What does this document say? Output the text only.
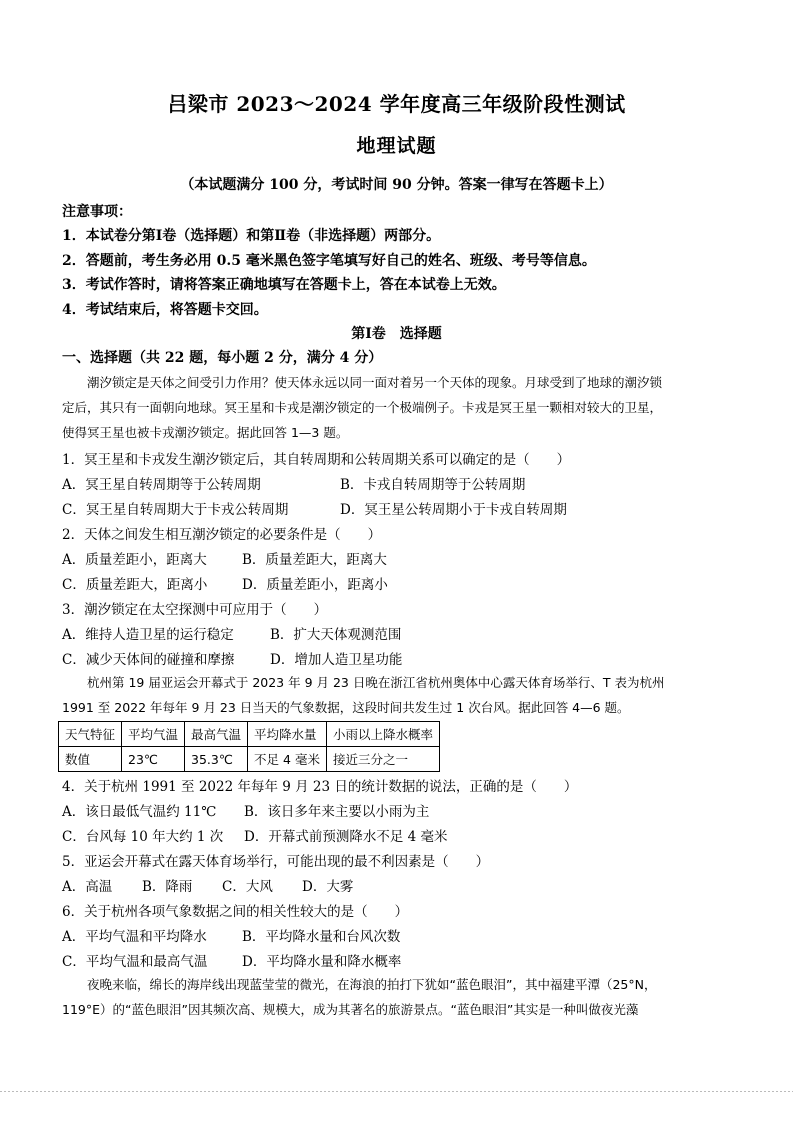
吕梁市 2023～2024 学年度高三年级阶段性测试
地理试题
（本试题满分 100 分，考试时间 90 分钟。答案一律写在答题卡上）
注意事项：
1．本试卷分第Ⅰ卷（选择题）和第Ⅱ卷（非选择题）两部分。
2．答题前，考生务必用 0.5 毫米黑色签字笔填写好自己的姓名、班级、考号等信息。
3．考试作答时，请将答案正确地填写在答题卡上，答在本试卷上无效。
4．考试结束后，将答题卡交回。
第Ⅰ卷　选择题
一、选择题（共 22 题，每小题 2 分，满分 4 分）

潮汐锁定是天体之间受引力作用？使天体永远以同一面对着另一个天体的现象。月球受到了地球的潮汐锁

定后，其只有一面朝向地球。冥王星和卡戎是潮汐锁定的一个极端例子。卡戎是冥王星一颗相对较大的卫星，

使得冥王星也被卡戎潮汐锁定。据此回答 1—3 题。

1．冥王星和卡戎发生潮汐锁定后，其自转周期和公转周期关系可以确定的是（　　）
A．冥王星自转周期等于公转周期	B．卡戎自转周期等于公转周期
C．冥王星自转周期大于卡戎公转周期	D．冥王星公转周期小于卡戎自转周期
2．天体之间发生相互潮汐锁定的必要条件是（　　）
A．质量差距小，距离大	B．质量差距大，距离大
C．质量差距大，距离小	D．质量差距小，距离小
3．潮汐锁定在太空探测中可应用于（　　）
A．维持人造卫星的运行稳定	B．扩大天体观测范围
C．减少天体间的碰撞和摩擦	D．增加人造卫星功能

杭州第 19 届亚运会开幕式于 2023 年 9 月 23 日晚在浙江省杭州奥体中心露天体育场举行、T 表为杭州

1991 至 2022 年每年 9 月 23 日当天的气象数据，这段时间共发生过 1 次台风。据此回答 4—6 题。

天气特征	平均气温	最高气温	平均降水量	小雨以上降水概率
数值	23℃	35.3℃	不足 4 毫米	接近三分之一
4．关于杭州 1991 至 2022 年每年 9 月 23 日的统计数据的说法，正确的是（　　）
A．该日最低气温约 11℃ B．该日多年来主要以小雨为主
C．台风每 10 年大约 1 次 D．开幕式前预测降水不足 4 毫米
5．亚运会开幕式在露天体育场举行，可能出现的最不利因素是（　　）
A．高温 B．降雨 C．大风 D．大雾
6．关于杭州各项气象数据之间的相关性较大的是（　　）
A．平均气温和平均降水	B．平均降水量和台风次数
C．平均气温和最高气温	D．平均降水量和降水概率

夜晚来临，绵长的海岸线出现蓝莹莹的微光，在海浪的拍打下犹如“蓝色眼泪”，其中福建平潭（25°N，

119°E）的“蓝色眼泪”因其频次高、规模大，成为其著名的旅游景点。“蓝色眼泪”其实是一种叫做夜光藻
